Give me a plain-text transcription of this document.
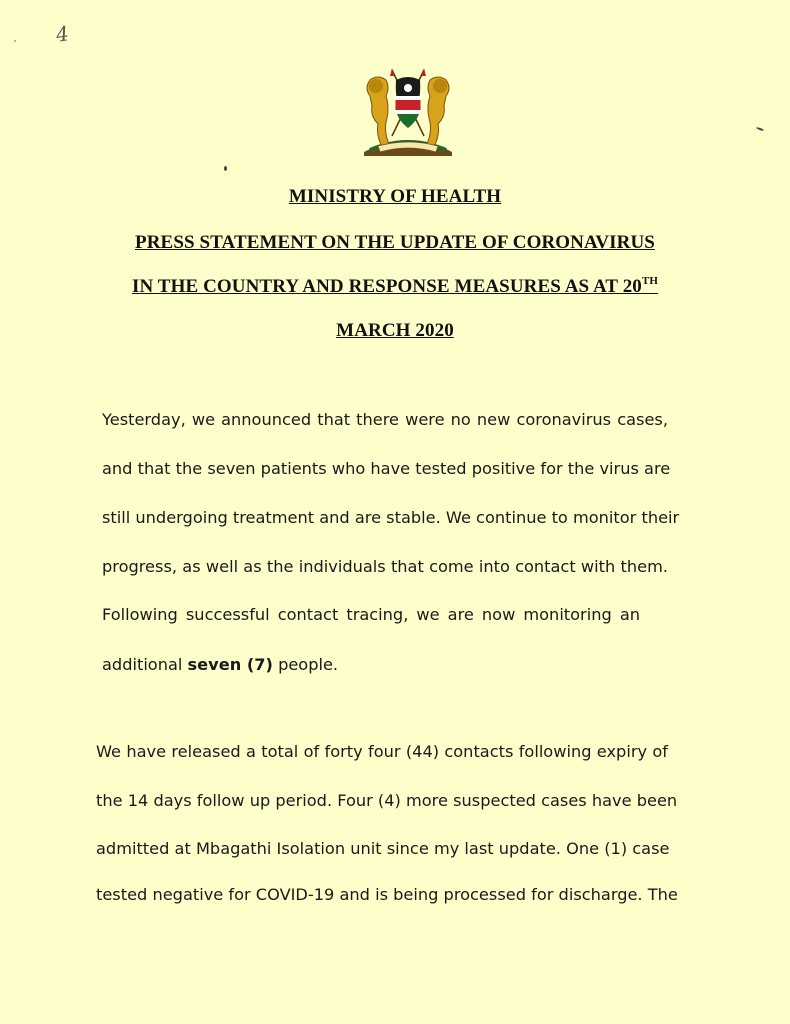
4
MINISTRY OF HEALTH
PRESS STATEMENT ON THE UPDATE OF CORONAVIRUS
IN THE COUNTRY AND RESPONSE MEASURES AS AT 20TH
MARCH 2020
Yesterday, we announced that there were no new coronavirus cases,
and that the seven patients who have tested positive for the virus are
still undergoing treatment and are stable. We continue to monitor their
progress, as well as the individuals that come into contact with them.
Following successful contact tracing, we are now monitoring an
additional seven (7) people.
We have released a total of forty four (44) contacts following expiry of
the 14 days follow up period. Four (4) more suspected cases have been
admitted at Mbagathi Isolation unit since my last update. One (1) case
tested negative for COVID-19 and is being processed for discharge. The
